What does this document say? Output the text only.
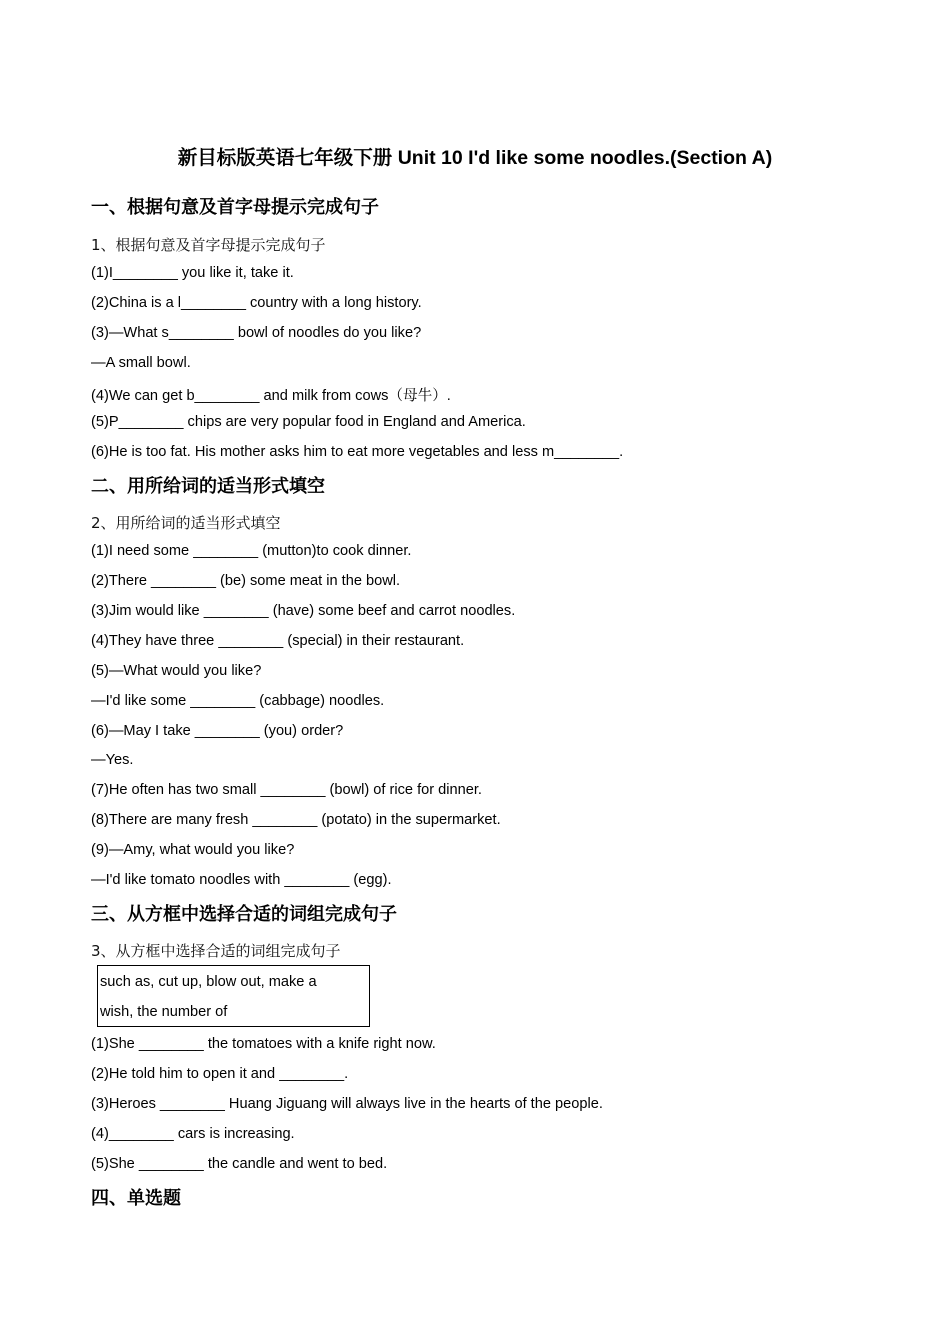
新目标版英语七年级下册 Unit 10 I'd like some noodles.(Section A)
一、根据句意及首字母提示完成句子
1、根据句意及首字母提示完成句子
(1)I________ you like it, take it.
(2)China is a l________ country with a long history.
(3)—What s________ bowl of noodles do you like?
—A small bowl.
(4)We can get b________ and milk from cows（母牛）.
(5)P________ chips are very popular food in England and America.
(6)He is too fat. His mother asks him to eat more vegetables and less m________.
二、用所给词的适当形式填空
2、用所给词的适当形式填空
(1)I need some ________ (mutton)to cook dinner.
(2)There ________ (be) some meat in the bowl.
(3)Jim would like ________ (have) some beef and carrot noodles.
(4)They have three ________ (special) in their restaurant.
(5)—What would you like?
—I'd like some ________ (cabbage) noodles.
(6)—May I take ________ (you) order?
—Yes.
(7)He often has two small ________ (bowl) of rice for dinner.
(8)There are many fresh ________ (potato) in the supermarket.
(9)—Amy, what would you like?
—I'd like tomato noodles with ________ (egg).
三、从方框中选择合适的词组完成句子
3、从方框中选择合适的词组完成句子
such as, cut up, blow out, make a
wish, the number of
(1)She ________ the tomatoes with a knife right now.
(2)He told him to open it and ________.
(3)Heroes ________ Huang Jiguang will always live in the hearts of the people.
(4)________ cars is increasing.
(5)She ________ the candle and went to bed.
四、单选题
